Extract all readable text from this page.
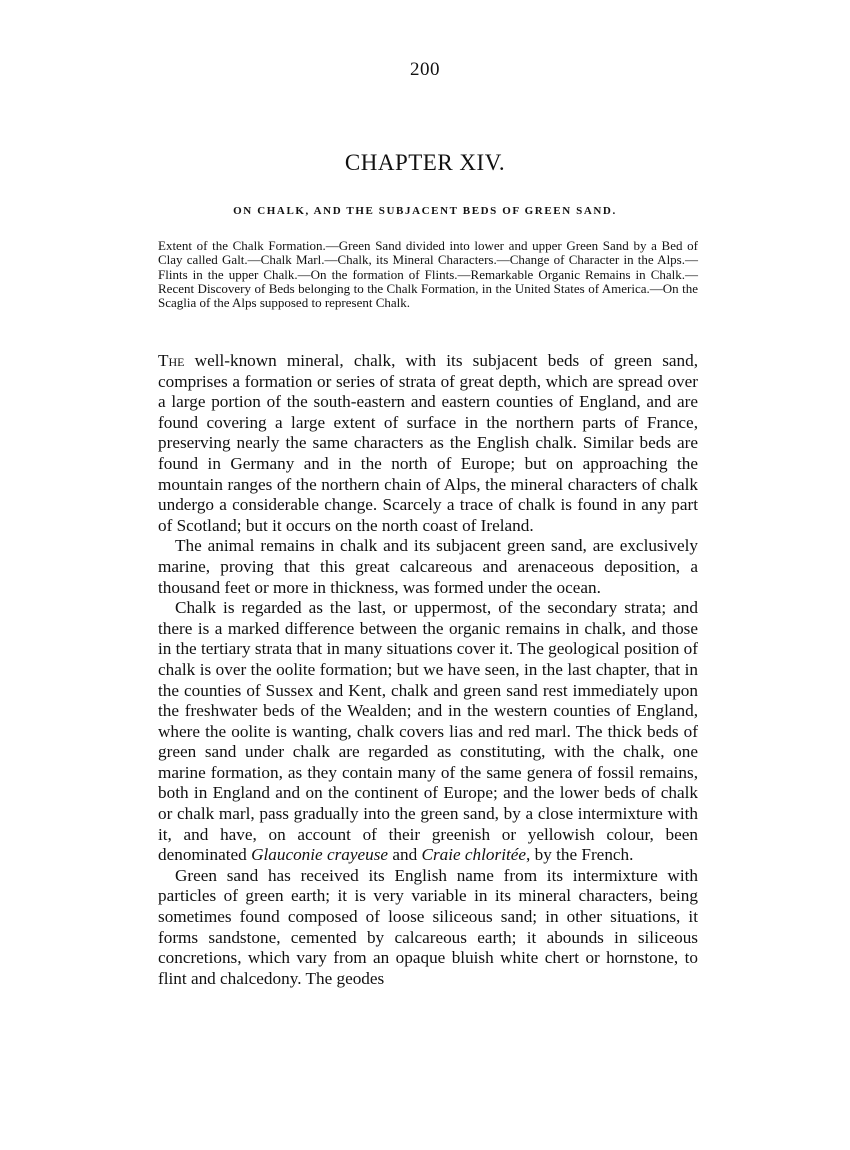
200
CHAPTER XIV.
ON CHALK, AND THE SUBJACENT BEDS OF GREEN SAND.
Extent of the Chalk Formation.—Green Sand divided into lower and upper Green Sand by a Bed of Clay called Galt.—Chalk Marl.—Chalk, its Mineral Characters.—Change of Character in the Alps.—Flints in the upper Chalk.—On the formation of Flints.—Remarkable Organic Remains in Chalk.—Recent Discovery of Beds belonging to the Chalk Formation, in the United States of America.—On the Scaglia of the Alps supposed to represent Chalk.

The well-known mineral, chalk, with its subjacent beds of green sand, comprises a formation or series of strata of great depth, which are spread over a large portion of the south-eastern and eastern counties of England, and are found covering a large extent of surface in the northern parts of France, preserving nearly the same characters as the English chalk. Similar beds are found in Germany and in the north of Europe; but on approaching the mountain ranges of the northern chain of Alps, the mineral characters of chalk undergo a considerable change. Scarcely a trace of chalk is found in any part of Scotland; but it occurs on the north coast of Ireland.

The animal remains in chalk and its subjacent green sand, are exclusively marine, proving that this great calcareous and arenaceous deposition, a thousand feet or more in thickness, was formed under the ocean.

Chalk is regarded as the last, or uppermost, of the secondary strata; and there is a marked difference between the organic remains in chalk, and those in the tertiary strata that in many situations cover it. The geological position of chalk is over the oolite formation; but we have seen, in the last chapter, that in the counties of Sussex and Kent, chalk and green sand rest immediately upon the freshwater beds of the Wealden; and in the western counties of England, where the oolite is wanting, chalk covers lias and red marl. The thick beds of green sand under chalk are regarded as constituting, with the chalk, one marine formation, as they contain many of the same genera of fossil remains, both in England and on the continent of Europe; and the lower beds of chalk or chalk marl, pass gradually into the green sand, by a close intermixture with it, and have, on account of their greenish or yellowish colour, been denominated Glauconie crayeuse and Craie chloritée, by the French.

Green sand has received its English name from its intermixture with particles of green earth; it is very variable in its mineral characters, being sometimes found composed of loose siliceous sand; in other situations, it forms sandstone, cemented by calcareous earth; it abounds in siliceous concretions, which vary from an opaque bluish white chert or hornstone, to flint and chalcedony. The geodes
